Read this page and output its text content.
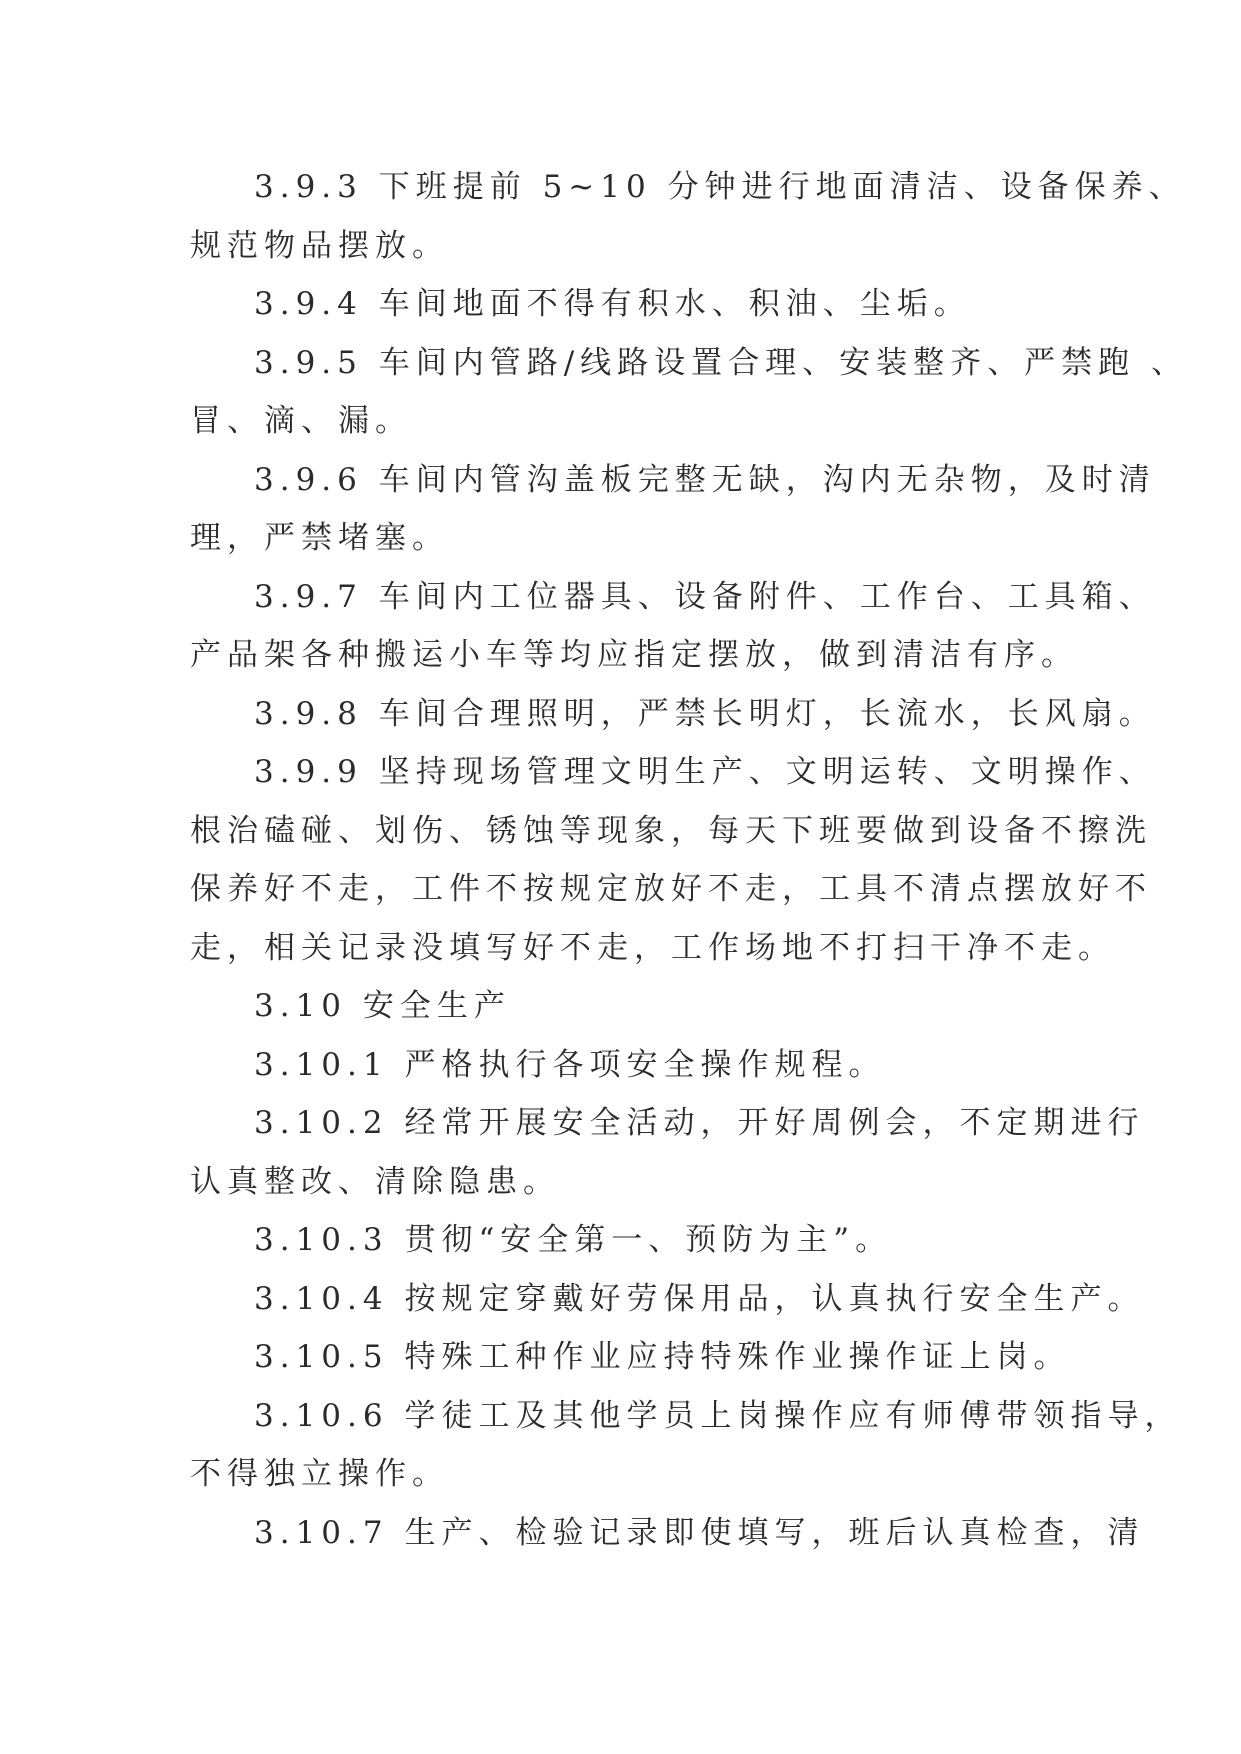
3.9.3 下班提前 5~10 分钟进行地面清洁、设备保养、
规范物品摆放。
3.9.4 车间地面不得有积水、积油、尘垢。
3.9.5 车间内管路/线路设置合理、安装整齐、严禁跑 、
冒、滴、漏。
3.9.6 车间内管沟盖板完整无缺，沟内无杂物，及时清
理，严禁堵塞。
3.9.7 车间内工位器具、设备附件、工作台、工具箱、
产品架各种搬运小车等均应指定摆放，做到清洁有序。
3.9.8 车间合理照明，严禁长明灯，长流水，长风扇。
3.9.9 坚持现场管理文明生产、文明运转、文明操作、
根治磕碰、划伤、锈蚀等现象，每天下班要做到设备不擦洗
保养好不走，工件不按规定放好不走，工具不清点摆放好不
走，相关记录没填写好不走，工作场地不打扫干净不走。
3.10 安全生产
3.10.1 严格执行各项安全操作规程。
3.10.2 经常开展安全活动，开好周例会，不定期进行
认真整改、清除隐患。
3.10.3 贯彻“安全第一、预防为主”。
3.10.4 按规定穿戴好劳保用品，认真执行安全生产。
3.10.5 特殊工种作业应持特殊作业操作证上岗。
3.10.6 学徒工及其他学员上岗操作应有师傅带领指导，
不得独立操作。
3.10.7 生产、检验记录即使填写，班后认真检查，清
